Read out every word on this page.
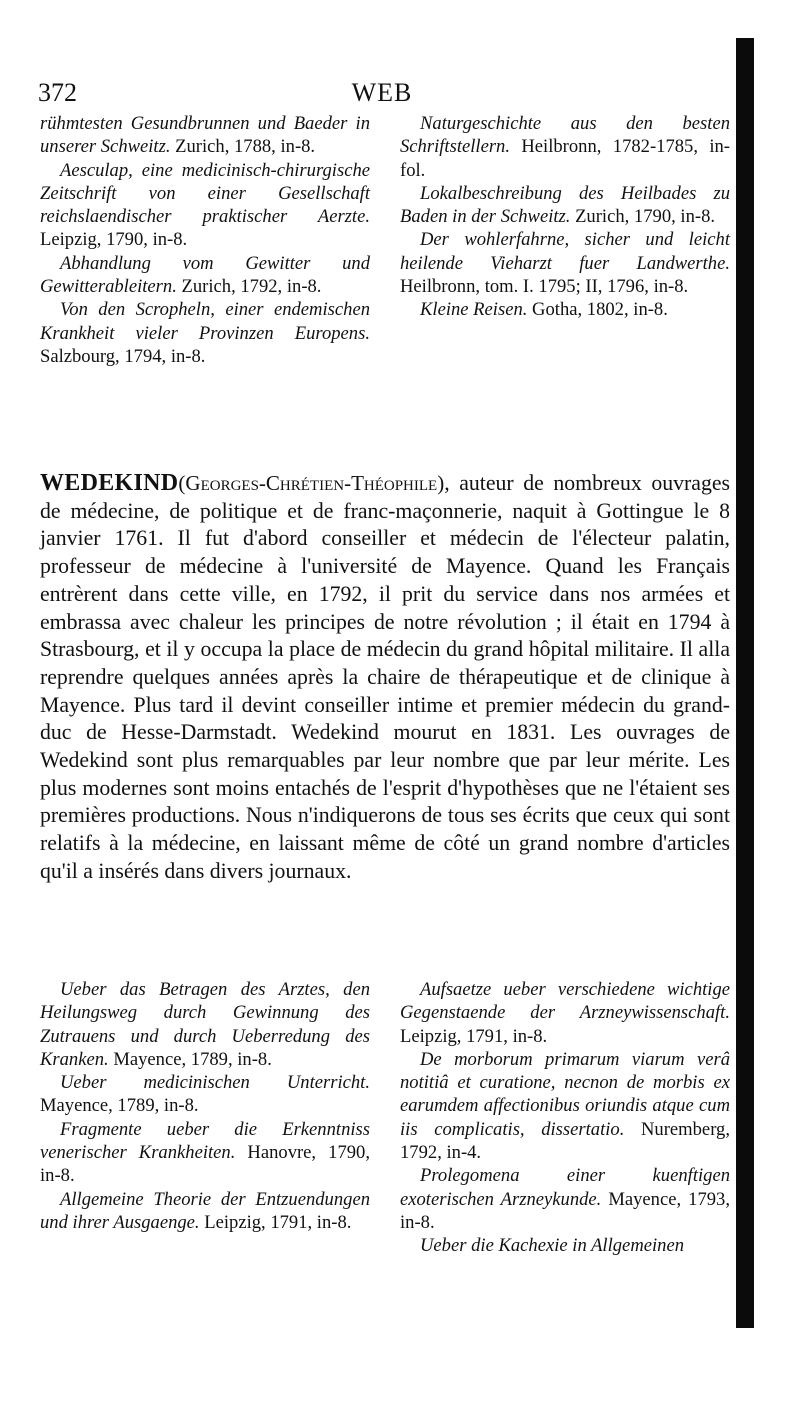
372	WEB

rühmtesten Gesundbrunnen und Baeder in unserer Schweitz. Zurich, 1788, in-8.

Aesculap, eine medicinisch-chirurgische Zeitschrift von einer Gesellschaft reichslaendischer praktischer Aerzte. Leipzig, 1790, in-8.

Abhandlung vom Gewitter und Gewitterableitern. Zurich, 1792, in-8.

Von den Scropheln, einer endemischen Krankheit vieler Provinzen Europens. Salzbourg, 1794, in-8.

Naturgeschichte aus den besten Schriftstellern. Heilbronn, 1782-1785, in-fol.

Lokalbeschreibung des Heilbades zu Baden in der Schweitz. Zurich, 1790, in-8.

Der wohlerfahrne, sicher und leicht heilende Vieharzt fuer Landwerthe. Heilbronn, tom. I. 1795; II, 1796, in-8.

Kleine Reisen. Gotha, 1802, in-8.

WEDEKIND(Georges-Chrétien-Théophile), auteur de nombreux ouvrages de médecine, de politique et de franc-maçonnerie, naquit à Gottingue le 8 janvier 1761. Il fut d'abord conseiller et médecin de l'électeur palatin, professeur de médecine à l'université de Mayence. Quand les Français entrèrent dans cette ville, en 1792, il prit du service dans nos armées et embrassa avec chaleur les principes de notre révolution ; il était en 1794 à Strasbourg, et il y occupa la place de médecin du grand hôpital militaire. Il alla reprendre quelques années après la chaire de thérapeutique et de clinique à Mayence. Plus tard il devint conseiller intime et premier médecin du grand-duc de Hesse-Darmstadt. Wedekind mourut en 1831. Les ouvrages de Wedekind sont plus remarquables par leur nombre que par leur mérite. Les plus modernes sont moins entachés de l'esprit d'hypothèses que ne l'étaient ses premières productions. Nous n'indiquerons de tous ses écrits que ceux qui sont relatifs à la médecine, en laissant même de côté un grand nombre d'articles qu'il a insérés dans divers journaux.

Ueber das Betragen des Arztes, den Heilungsweg durch Gewinnung des Zutrauens und durch Ueberredung des Kranken. Mayence, 1789, in-8.

Ueber medicinischen Unterricht. Mayence, 1789, in-8.

Fragmente ueber die Erkenntniss venerischer Krankheiten. Hanovre, 1790, in-8.

Allgemeine Theorie der Entzuendungen und ihrer Ausgaenge. Leipzig, 1791, in-8.

Aufsaetze ueber verschiedene wichtige Gegenstaende der Arzneywissenschaft. Leipzig, 1791, in-8.

De morborum primarum viarum verâ notitiâ et curatione, necnon de morbis ex earumdem affectionibus oriundis atque cum iis complicatis, dissertatio. Nuremberg, 1792, in-4.

Prolegomena einer kuenftigen exoterischen Arzneykunde. Mayence, 1793, in-8.

Ueber die Kachexie in Allgemeinen
